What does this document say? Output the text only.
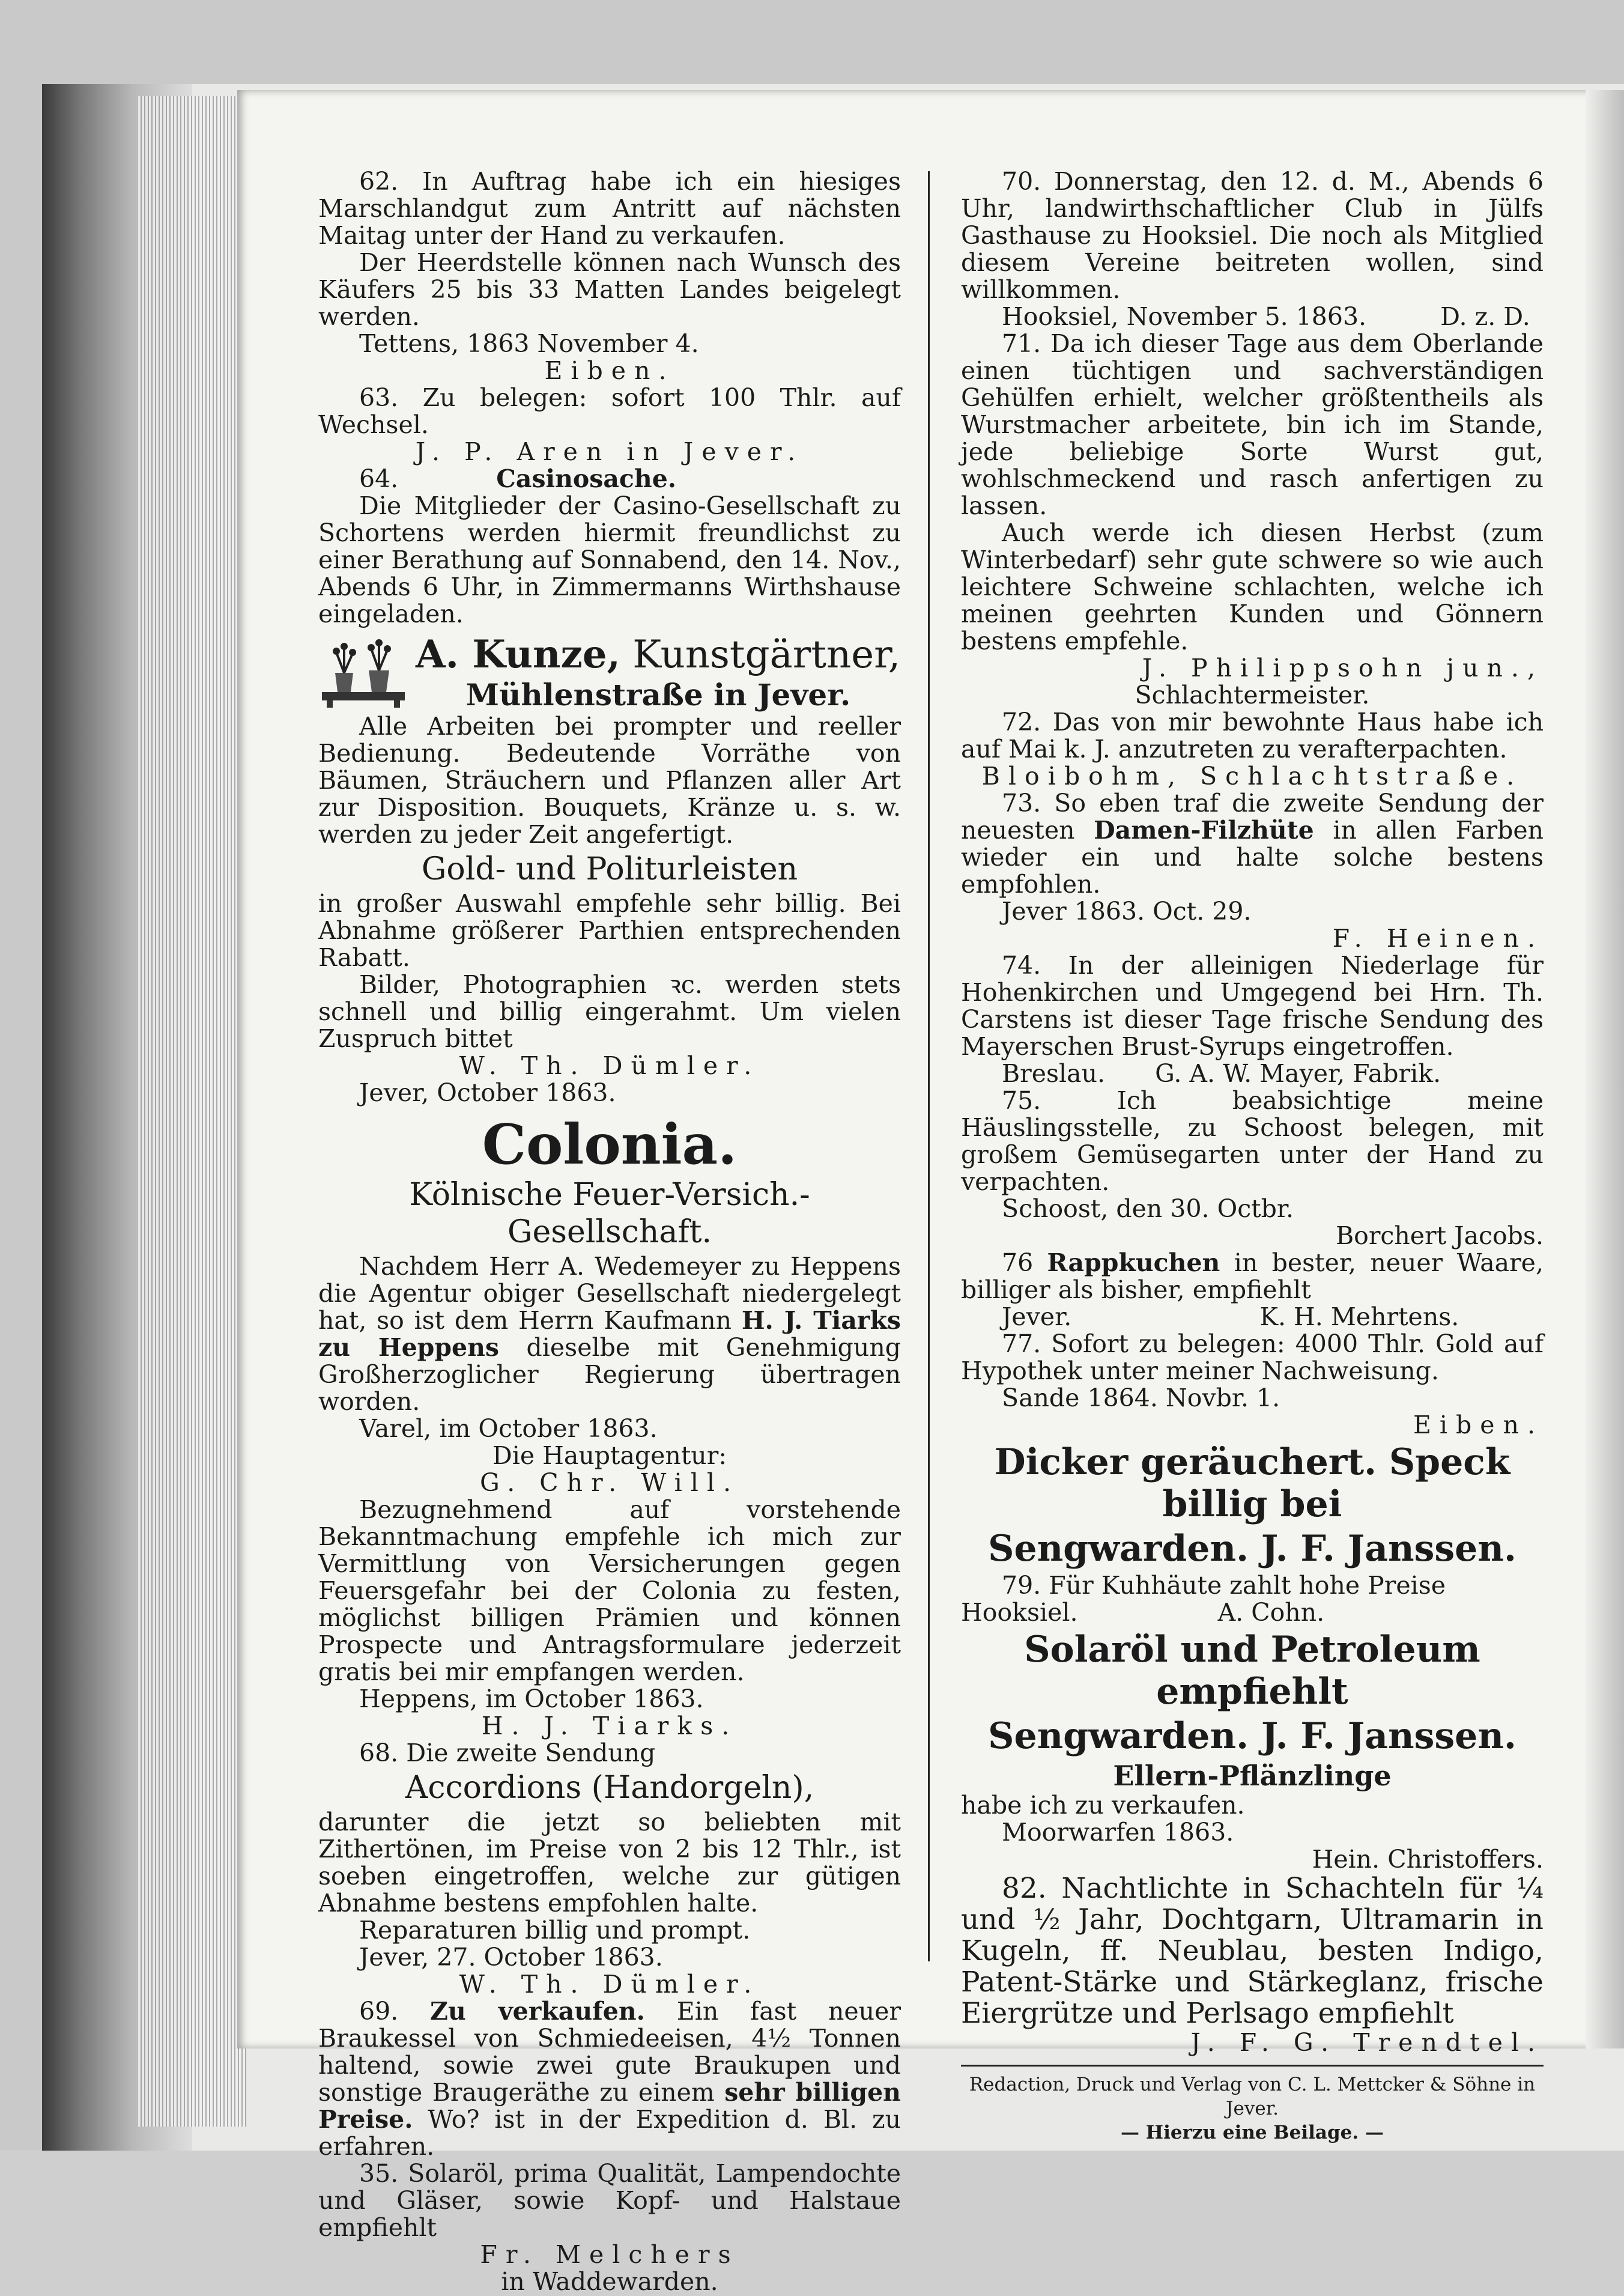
62. In Auftrag habe ich ein hiesiges Marschlandgut zum Antritt auf nächsten Maitag unter der Hand zu verkaufen.

Der Heerdstelle können nach Wunsch des Käufers 25 bis 33 Matten Landes beigelegt werden.

Tettens, 1863 November 4.

Eiben.

63. Zu belegen: sofort 100 Thlr. auf Wechsel.

J. P. Aren in Jever.

64.	Casinosache.

Die Mitglieder der Casino-Gesellschaft zu Schortens werden hiermit freundlichst zu einer Berathung auf Sonnabend, den 14. Nov., Abends 6 Uhr, in Zimmermanns Wirthshause eingeladen.

A. Kunze, Kunstgärtner,
Mühlenstraße in Jever.

Alle Arbeiten bei prompter und reeller Bedienung. Bedeutende Vorräthe von Bäumen, Sträuchern und Pflanzen aller Art zur Disposition. Bouquets, Kränze u. s. w. werden zu jeder Zeit angefertigt.

Gold- und Politurleisten

in großer Auswahl empfehle sehr billig. Bei Abnahme größerer Parthien entsprechenden Rabatt.

Bilder, Photographien ꝛc. werden stets schnell und billig eingerahmt. Um vielen Zuspruch bittet

W. Th. Dümler.

Jever, October 1863.

Colonia.

Kölnische Feuer-Versich.-Gesellschaft.

Nachdem Herr A. Wedemeyer zu Heppens die Agentur obiger Gesellschaft niedergelegt hat, so ist dem Herrn Kaufmann H. J. Tiarks zu Heppens dieselbe mit Genehmigung Großherzoglicher Regierung übertragen worden.

Varel, im October 1863.

Die Hauptagentur:

G. Chr. Will.

Bezugnehmend auf vorstehende Bekanntmachung empfehle ich mich zur Vermittlung von Versicherungen gegen Feuersgefahr bei der Colonia zu festen, möglichst billigen Prämien und können Prospecte und Antragsformulare jederzeit gratis bei mir empfangen werden.

Heppens, im October 1863.

H. J. Tiarks.

68. Die zweite Sendung

Accordions (Handorgeln),

darunter die jetzt so beliebten mit Zithertönen, im Preise von 2 bis 12 Thlr., ist soeben eingetroffen, welche zur gütigen Abnahme bestens empfohlen halte.

Reparaturen billig und prompt.

Jever, 27. October 1863.

W. Th. Dümler.

69. Zu verkaufen. Ein fast neuer Braukessel von Schmiedeeisen, 4½ Tonnen haltend, sowie zwei gute Braukupen und sonstige Braugeräthe zu einem sehr billigen Preise. Wo? ist in der Expedition d. Bl. zu erfahren.

35. Solaröl, prima Qualität, Lampendochte und Gläser, sowie Kopf- und Halstaue empfiehlt

Fr. Melchers

in Waddewarden.

70. Donnerstag, den 12. d. M., Abends 6 Uhr, landwirthschaftlicher Club in Jülfs Gasthause zu Hooksiel. Die noch als Mitglied diesem Vereine beitreten wollen, sind willkommen.

Hooksiel, November 5. 1863.	D. z. D.

71. Da ich dieser Tage aus dem Oberlande einen tüchtigen und sachverständigen Gehülfen erhielt, welcher größtentheils als Wurstmacher arbeitete, bin ich im Stande, jede beliebige Sorte Wurst gut, wohlschmeckend und rasch anfertigen zu lassen.

Auch werde ich diesen Herbst (zum Winterbedarf) sehr gute schwere so wie auch leichtere Schweine schlachten, welche ich meinen geehrten Kunden und Gönnern bestens empfehle.

J. Philippsohn jun.,

Schlachtermeister.

72. Das von mir bewohnte Haus habe ich auf Mai k. J. anzutreten zu verafterpachten.

Bloibohm, Schlachtstraße.

73. So eben traf die zweite Sendung der neuesten Damen-Filzhüte in allen Farben wieder ein und halte solche bestens empfohlen.

Jever 1863. Oct. 29.

F. Heinen.

74. In der alleinigen Niederlage für Hohenkirchen und Umgegend bei Hrn. Th. Carstens ist dieser Tage frische Sendung des Mayerschen Brust-Syrups eingetroffen.

Breslau. G. A. W. Mayer, Fabrik.

75. Ich beabsichtige meine Häuslingsstelle, zu Schoost belegen, mit großem Gemüsegarten unter der Hand zu verpachten.

Schoost, den 30. Octbr.

Borchert Jacobs.

76 Rappkuchen in bester, neuer Waare, billiger als bisher, empfiehlt

Jever.	K. H. Mehrtens.

77. Sofort zu belegen: 4000 Thlr. Gold auf Hypothek unter meiner Nachweisung.

Sande 1864. Novbr. 1.

Eiben.

Dicker geräuchert. Speck billig bei

Sengwarden. J. F. Janssen.

79. Für Kuhhäute zahlt hohe Preise

Hooksiel.	A. Cohn.

Solaröl und Petroleum empfiehlt

Sengwarden. J. F. Janssen.

Ellern-Pflänzlinge

habe ich zu verkaufen.

Moorwarfen 1863.

Hein. Christoffers.

82. Nachtlichte in Schachteln für ¼ und ½ Jahr, Dochtgarn, Ultramarin in Kugeln, ff. Neublau, besten Indigo, Patent-Stärke und Stärkeglanz, frische Eiergrütze und Perlsago empfiehlt

J. F. G. Trendtel.

Redaction, Druck und Verlag von C. L. Mettcker & Söhne in Jever.

— Hierzu eine Beilage. —
